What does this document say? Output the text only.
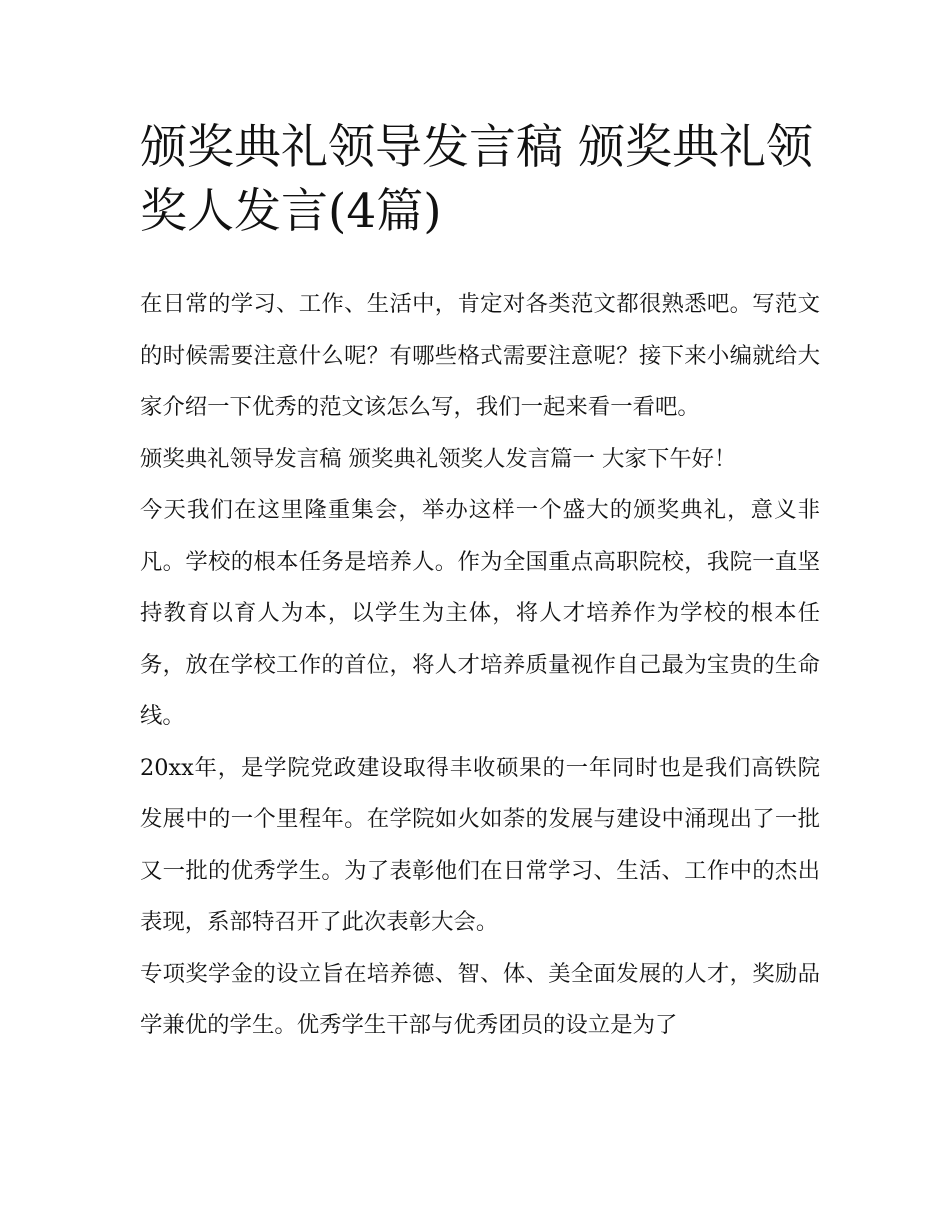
颁奖典礼领导发言稿 颁奖典礼领奖人发言(4篇)

在日常的学习、工作、生活中，肯定对各类范文都很熟悉吧。写范文的时候需要注意什么呢？有哪些格式需要注意呢？接下来小编就给大家介绍一下优秀的范文该怎么写，我们一起来看一看吧。

颁奖典礼领导发言稿 颁奖典礼领奖人发言篇一 大家下午好！

今天我们在这里隆重集会，举办这样一个盛大的颁奖典礼，意义非凡。学校的根本任务是培养人。作为全国重点高职院校，我院一直坚持教育以育人为本，以学生为主体，将人才培养作为学校的根本任务，放在学校工作的首位，将人才培养质量视作自己最为宝贵的生命线。

20xx年，是学院党政建设取得丰收硕果的一年同时也是我们高铁院发展中的一个里程年。在学院如火如荼的发展与建设中涌现出了一批又一批的优秀学生。为了表彰他们在日常学习、生活、工作中的杰出表现，系部特召开了此次表彰大会。

专项奖学金的设立旨在培养德、智、体、美全面发展的人才，奖励品学兼优的学生。优秀学生干部与优秀团员的设立是为了
